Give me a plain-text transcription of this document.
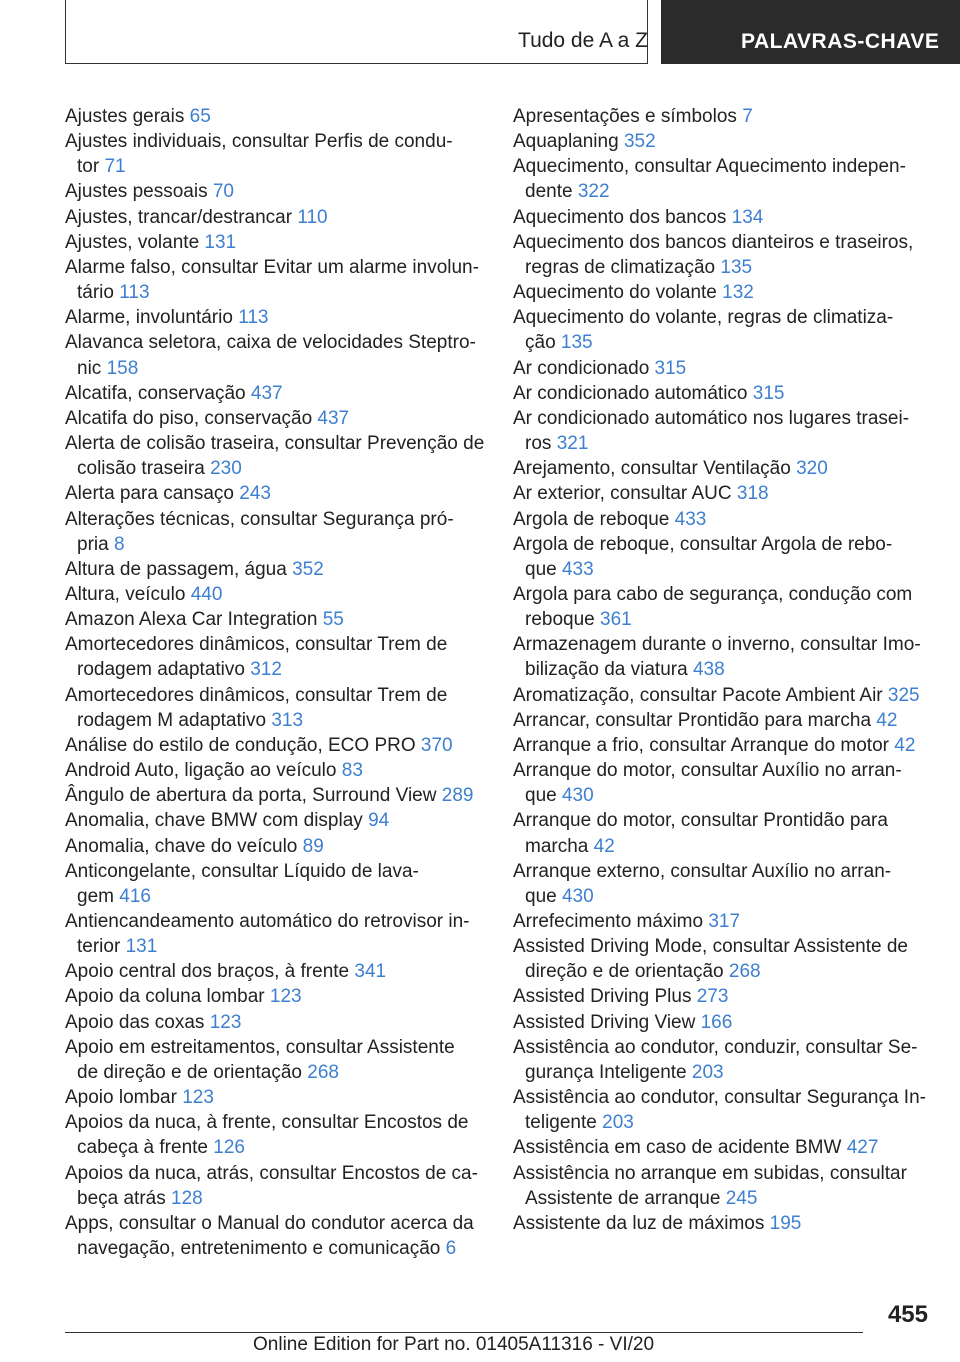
Tudo de A a Z	PALAVRAS-CHAVE
Ajustes gerais 65
Ajustes individuais, consultar Perfis de condu-
tor 71
Ajustes pessoais 70
Ajustes, trancar/destrancar 110
Ajustes, volante 131
Alarme falso, consultar Evitar um alarme involun-
tário 113
Alarme, involuntário 113
Alavanca seletora, caixa de velocidades Steptro-
nic 158
Alcatifa, conservação 437
Alcatifa do piso, conservação 437
Alerta de colisão traseira, consultar Prevenção de
colisão traseira 230
Alerta para cansaço 243
Alterações técnicas, consultar Segurança pró-
pria 8
Altura de passagem, água 352
Altura, veículo 440
Amazon Alexa Car Integration 55
Amortecedores dinâmicos, consultar Trem de
rodagem adaptativo 312
Amortecedores dinâmicos, consultar Trem de
rodagem M adaptativo 313
Análise do estilo de condução, ECO PRO 370
Android Auto, ligação ao veículo 83
Ângulo de abertura da porta, Surround View 289
Anomalia, chave BMW com display 94
Anomalia, chave do veículo 89
Anticongelante, consultar Líquido de lava-
gem 416
Antiencandeamento automático do retrovisor in-
terior 131
Apoio central dos braços, à frente 341
Apoio da coluna lombar 123
Apoio das coxas 123
Apoio em estreitamentos, consultar Assistente
de direção e de orientação 268
Apoio lombar 123
Apoios da nuca, à frente, consultar Encostos de
cabeça à frente 126
Apoios da nuca, atrás, consultar Encostos de ca-
beça atrás 128
Apps, consultar o Manual do condutor acerca da
navegação, entretenimento e comunicação 6
Apresentações e símbolos 7
Aquaplaning 352
Aquecimento, consultar Aquecimento indepen-
dente 322
Aquecimento dos bancos 134
Aquecimento dos bancos dianteiros e traseiros,
regras de climatização 135
Aquecimento do volante 132
Aquecimento do volante, regras de climatiza-
ção 135
Ar condicionado 315
Ar condicionado automático 315
Ar condicionado automático nos lugares trasei-
ros 321
Arejamento, consultar Ventilação 320
Ar exterior, consultar AUC 318
Argola de reboque 433
Argola de reboque, consultar Argola de rebo-
que 433
Argola para cabo de segurança, condução com
reboque 361
Armazenagem durante o inverno, consultar Imo-
bilização da viatura 438
Aromatização, consultar Pacote Ambient Air 325
Arrancar, consultar Prontidão para marcha 42
Arranque a frio, consultar Arranque do motor 42
Arranque do motor, consultar Auxílio no arran-
que 430
Arranque do motor, consultar Prontidão para
marcha 42
Arranque externo, consultar Auxílio no arran-
que 430
Arrefecimento máximo 317
Assisted Driving Mode, consultar Assistente de
direção e de orientação 268
Assisted Driving Plus 273
Assisted Driving View 166
Assistência ao condutor, conduzir, consultar Se-
gurança Inteligente 203
Assistência ao condutor, consultar Segurança In-
teligente 203
Assistência em caso de acidente BMW 427
Assistência no arranque em subidas, consultar
Assistente de arranque 245
Assistente da luz de máximos 195
455
Online Edition for Part no. 01405A11316 - VI/20
